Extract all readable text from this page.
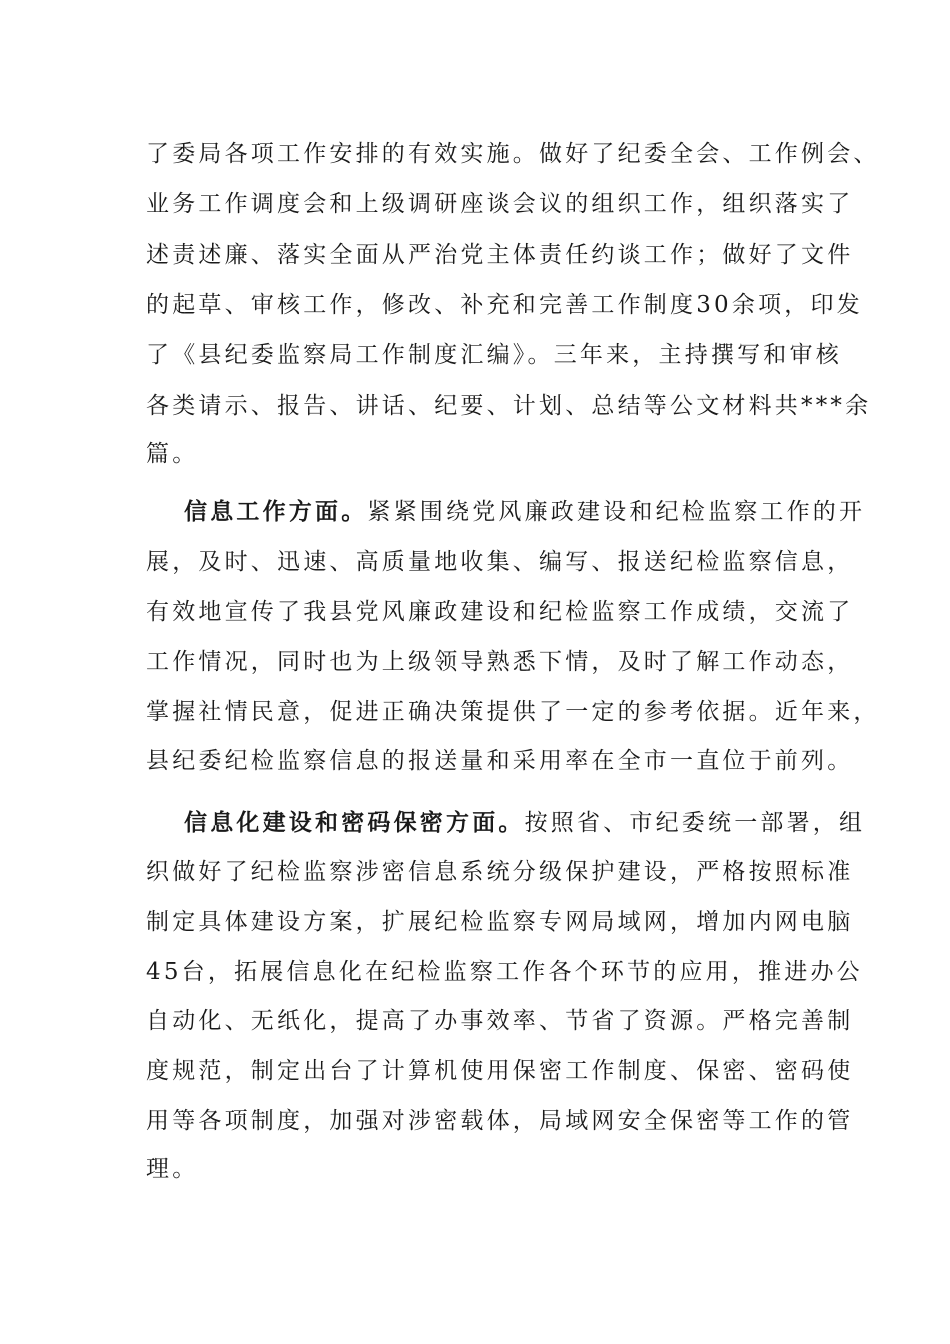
了委局各项工作安排的有效实施。做好了纪委全会、工作例会、
业务工作调度会和上级调研座谈会议的组织工作，组织落实了
述责述廉、落实全面从严治党主体责任约谈工作；做好了文件
的起草、审核工作，修改、补充和完善工作制度30余项，印发
了《县纪委监察局工作制度汇编》。三年来，主持撰写和审核
各类请示、报告、讲话、纪要、计划、总结等公文材料共***余
篇。
信息工作方面。紧紧围绕党风廉政建设和纪检监察工作的开
展，及时、迅速、高质量地收集、编写、报送纪检监察信息，
有效地宣传了我县党风廉政建设和纪检监察工作成绩，交流了
工作情况，同时也为上级领导熟悉下情，及时了解工作动态，
掌握社情民意，促进正确决策提供了一定的参考依据。近年来，
县纪委纪检监察信息的报送量和采用率在全市一直位于前列。
信息化建设和密码保密方面。按照省、市纪委统一部署，组
织做好了纪检监察涉密信息系统分级保护建设，严格按照标准
制定具体建设方案，扩展纪检监察专网局域网，增加内网电脑
45台，拓展信息化在纪检监察工作各个环节的应用，推进办公
自动化、无纸化，提高了办事效率、节省了资源。严格完善制
度规范，制定出台了计算机使用保密工作制度、保密、密码使
用等各项制度，加强对涉密载体，局域网安全保密等工作的管
理。
